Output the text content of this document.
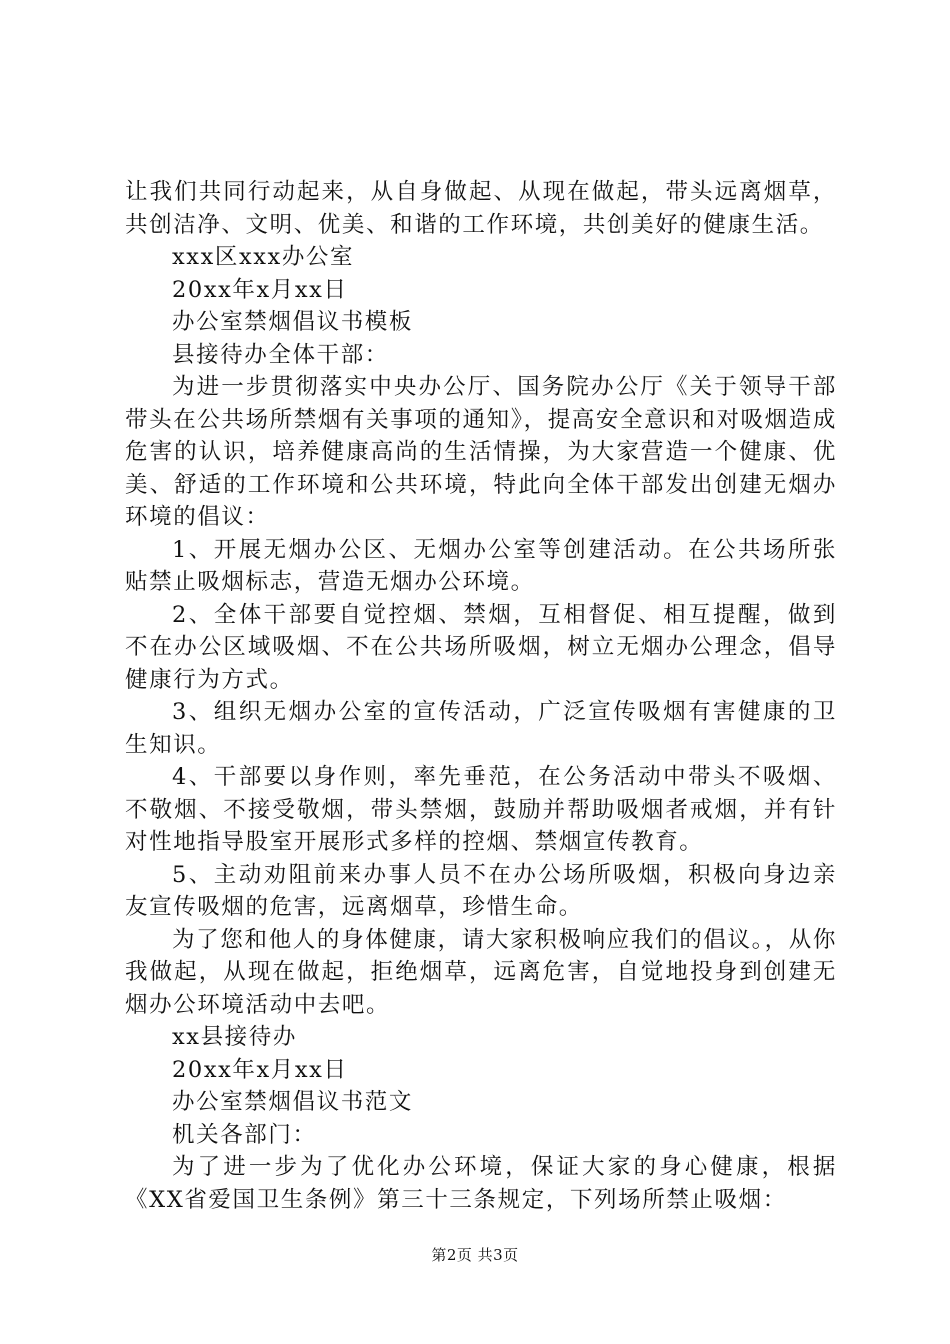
让我们共同行动起来，从自身做起、从现在做起，带头远离烟草，共创洁净、文明、优美、和谐的工作环境，共创美好的健康生活。

xxx区xxx办公室

20xx年x月xx日

办公室禁烟倡议书模板

县接待办全体干部：

为进一步贯彻落实中央办公厅、国务院办公厅《关于领导干部带头在公共场所禁烟有关事项的通知》，提高安全意识和对吸烟造成危害的认识，培养健康高尚的生活情操，为大家营造一个健康、优美、舒适的工作环境和公共环境，特此向全体干部发出创建无烟办环境的倡议：

1、开展无烟办公区、无烟办公室等创建活动。在公共场所张贴禁止吸烟标志，营造无烟办公环境。

2、全体干部要自觉控烟、禁烟，互相督促、相互提醒，做到不在办公区域吸烟、不在公共场所吸烟，树立无烟办公理念，倡导健康行为方式。

3、组织无烟办公室的宣传活动，广泛宣传吸烟有害健康的卫生知识。

4、干部要以身作则，率先垂范，在公务活动中带头不吸烟、不敬烟、不接受敬烟，带头禁烟，鼓励并帮助吸烟者戒烟，并有针对性地指导股室开展形式多样的控烟、禁烟宣传教育。

5、主动劝阻前来办事人员不在办公场所吸烟，积极向身边亲友宣传吸烟的危害，远离烟草，珍惜生命。

为了您和他人的身体健康，请大家积极响应我们的倡议。，从你我做起，从现在做起，拒绝烟草，远离危害，自觉地投身到创建无烟办公环境活动中去吧。

xx县接待办

20xx年x月xx日

办公室禁烟倡议书范文

机关各部门：

为了进一步为了优化办公环境，保证大家的身心健康，根据《XX省爱国卫生条例》第三十三条规定，下列场所禁止吸烟：

第2页 共3页
